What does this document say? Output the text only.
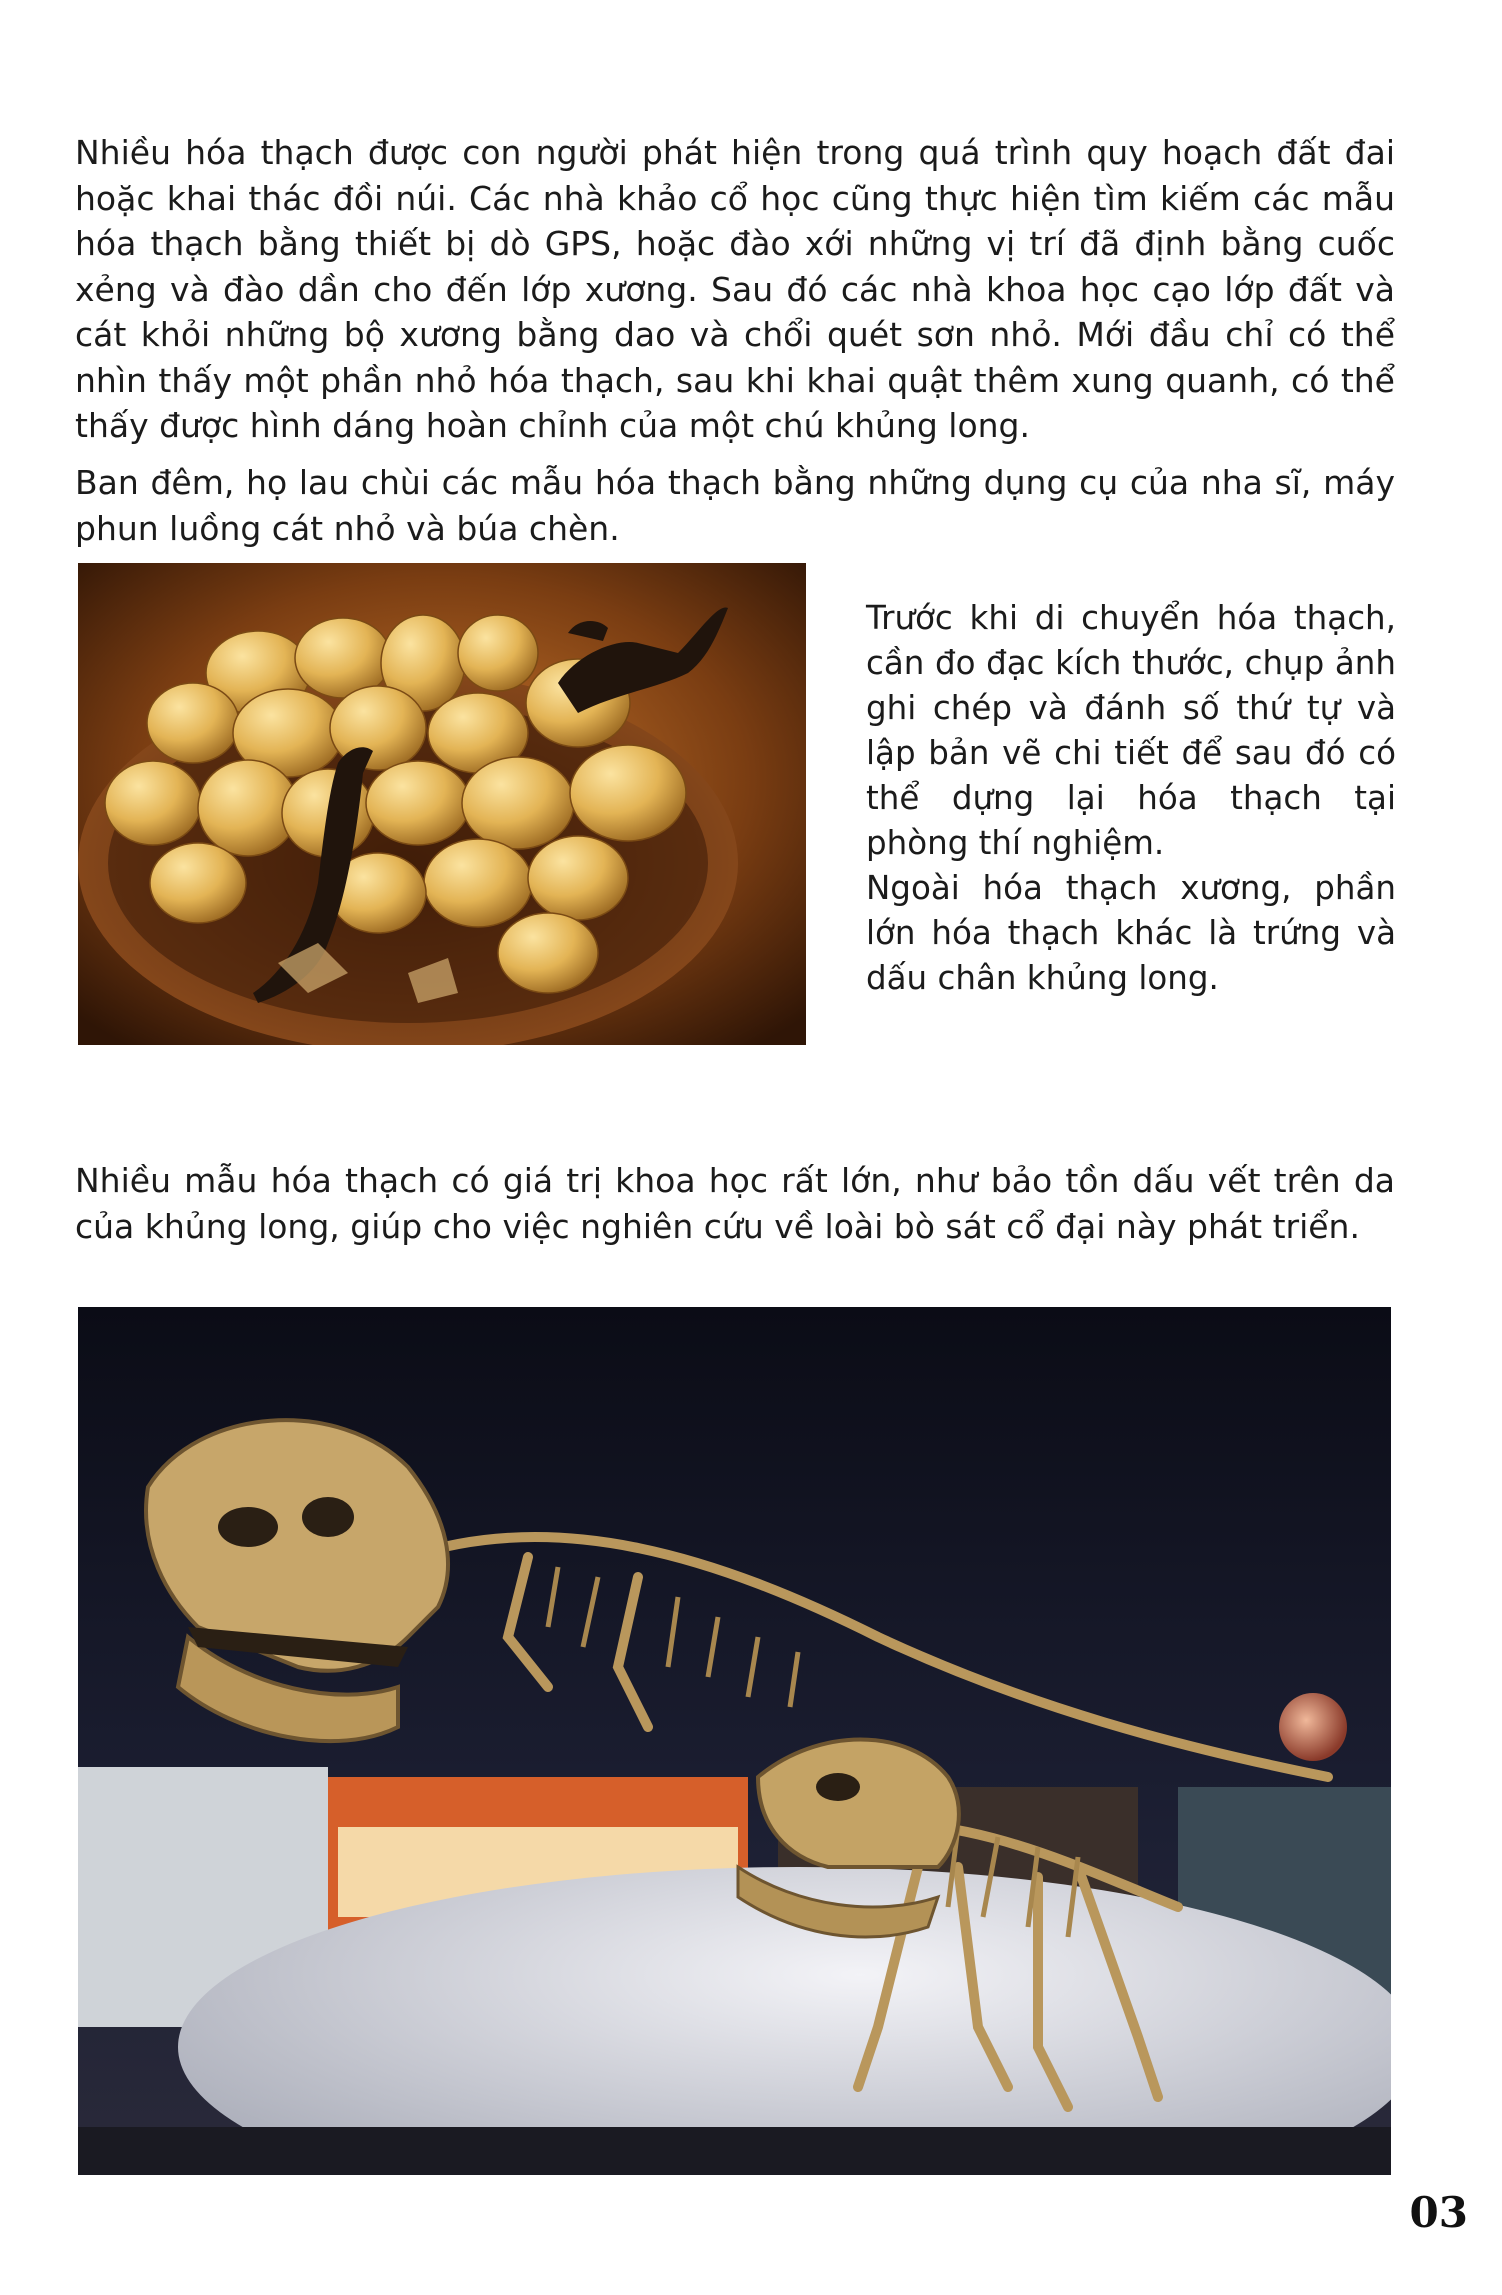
Nhiều hóa thạch được con người phát hiện trong quá trình quy hoạch đất đai hoặc khai thác đồi núi. Các nhà khảo cổ học cũng thực hiện tìm kiếm các mẫu hóa thạch bằng thiết bị dò GPS, hoặc đào xới những vị trí đã định bằng cuốc xẻng và đào dần cho đến lớp xương. Sau đó các nhà khoa học cạo lớp đất và cát khỏi những bộ xương bằng dao và chổi quét sơn nhỏ. Mới đầu chỉ có thể nhìn thấy một phần nhỏ hóa thạch, sau khi khai quật thêm xung quanh, có thể thấy được hình dáng hoàn chỉnh của một chú khủng long.

Ban đêm, họ lau chùi các mẫu hóa thạch bằng những dụng cụ của nha sĩ, máy phun luồng cát nhỏ và búa chèn.

Trước khi di chuyển hóa thạch, cần đo đạc kích thước, chụp ảnh ghi chép và đánh số thứ tự và lập bản vẽ chi tiết để sau đó có thể dựng lại hóa thạch tại phòng thí nghiệm.

Ngoài hóa thạch xương, phần lớn hóa thạch khác là trứng và dấu chân khủng long.

Nhiều mẫu hóa thạch có giá trị khoa học rất lớn, như bảo tồn dấu vết trên da của khủng long, giúp cho việc nghiên cứu về loài bò sát cổ đại này phát triển.

03
